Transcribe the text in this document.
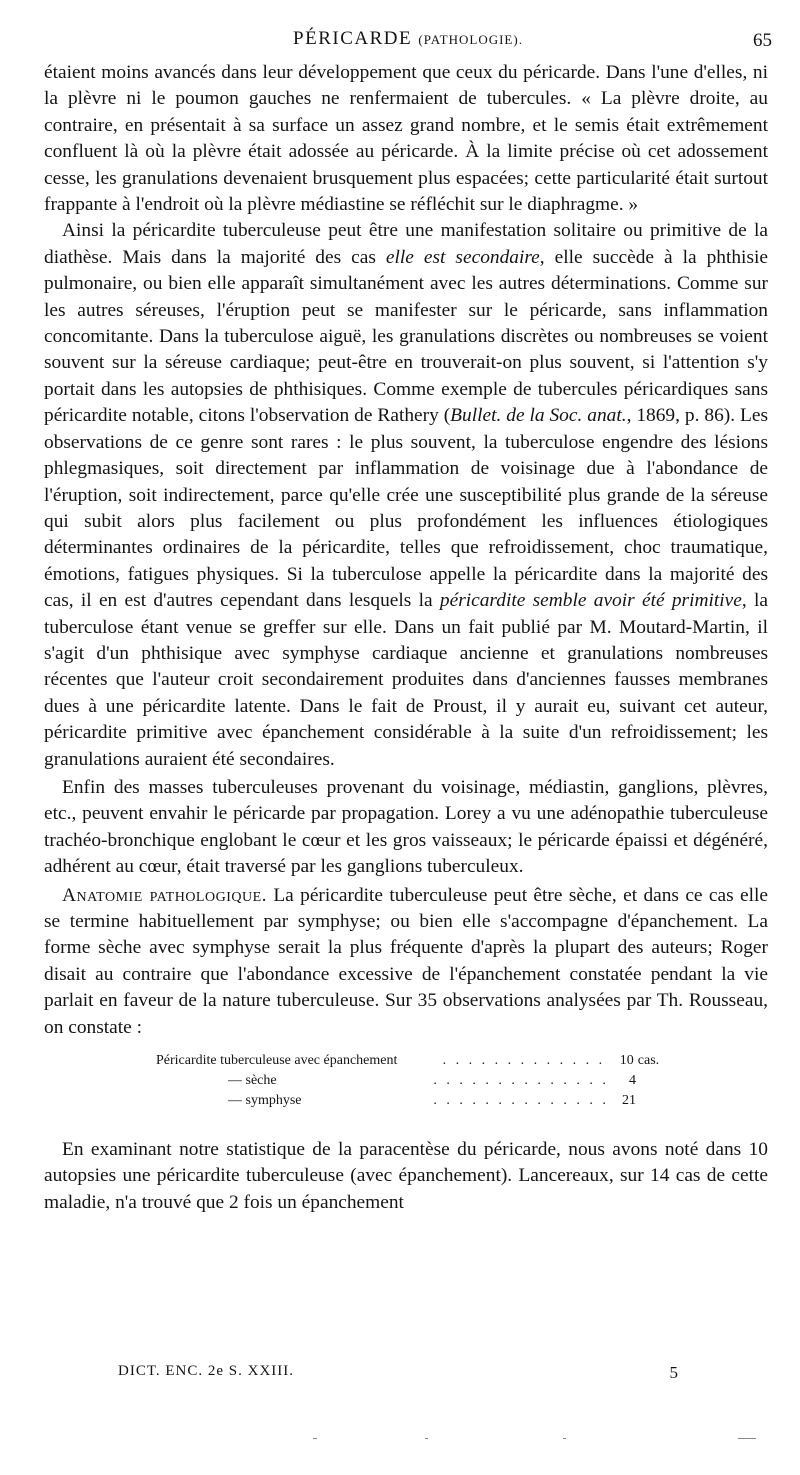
PÉRICARDE (PATHOLOGIE).	65

étaient moins avancés dans leur développement que ceux du péricarde. Dans l'une d'elles, ni la plèvre ni le poumon gauches ne renfermaient de tubercules. « La plèvre droite, au contraire, en présentait à sa surface un assez grand nombre, et le semis était extrêmement confluent là où la plèvre était adossée au péricarde. À la limite précise où cet adossement cesse, les granulations devenaient brusquement plus espacées; cette particularité était surtout frappante à l'endroit où la plèvre médiastine se réfléchit sur le diaphragme. »

Ainsi la péricardite tuberculeuse peut être une manifestation solitaire ou primitive de la diathèse. Mais dans la majorité des cas elle est secondaire, elle succède à la phthisie pulmonaire, ou bien elle apparaît simultanément avec les autres déterminations. Comme sur les autres séreuses, l'éruption peut se manifester sur le péricarde, sans inflammation concomitante. Dans la tuberculose aiguë, les granulations discrètes ou nombreuses se voient souvent sur la séreuse cardiaque; peut-être en trouverait-on plus souvent, si l'attention s'y portait dans les autopsies de phthisiques. Comme exemple de tubercules péricardiques sans péricardite notable, citons l'observation de Rathery (Bullet. de la Soc. anat., 1869, p. 86). Les observations de ce genre sont rares : le plus souvent, la tuberculose engendre des lésions phlegmasiques, soit directement par inflammation de voisinage due à l'abondance de l'éruption, soit indirectement, parce qu'elle crée une susceptibilité plus grande de la séreuse qui subit alors plus facilement ou plus profondément les influences étiologiques déterminantes ordinaires de la péricardite, telles que refroidissement, choc traumatique, émotions, fatigues physiques. Si la tuberculose appelle la péricardite dans la majorité des cas, il en est d'autres cependant dans lesquels la péricardite semble avoir été primitive, la tuberculose étant venue se greffer sur elle. Dans un fait publié par M. Moutard-Martin, il s'agit d'un phthisique avec symphyse cardiaque ancienne et granulations nombreuses récentes que l'auteur croit secondairement produites dans d'anciennes fausses membranes dues à une péricardite latente. Dans le fait de Proust, il y aurait eu, suivant cet auteur, péricardite primitive avec épanchement considérable à la suite d'un refroidissement; les granulations auraient été secondaires.

Enfin des masses tuberculeuses provenant du voisinage, médiastin, ganglions, plèvres, etc., peuvent envahir le péricarde par propagation. Lorey a vu une adénopathie tuberculeuse trachéo-bronchique englobant le cœur et les gros vaisseaux; le péricarde épaissi et dégénéré, adhérent au cœur, était traversé par les ganglions tuberculeux.

Anatomie pathologique. La péricardite tuberculeuse peut être sèche, et dans ce cas elle se termine habituellement par symphyse; ou bien elle s'accompagne d'épanchement. La forme sèche avec symphyse serait la plus fréquente d'après la plupart des auteurs; Roger disait au contraire que l'abondance excessive de l'épanchement constatée pendant la vie parlait en faveur de la nature tuberculeuse. Sur 35 observations analysées par Th. Rousseau, on constate :

Péricardite tuberculeuse avec épanchement	. . . . . . . . . . . . .	10 cas.
— sèche	. . . . . . . . . . . . . .	4
— symphyse	. . . . . . . . . . . . . . 21

En examinant notre statistique de la paracentèse du péricarde, nous avons noté dans 10 autopsies une péricardite tuberculeuse (avec épanchement). Lancereaux, sur 14 cas de cette maladie, n'a trouvé que 2 fois un épanchement

DICT. ENC. 2e S. XXIII.	5
